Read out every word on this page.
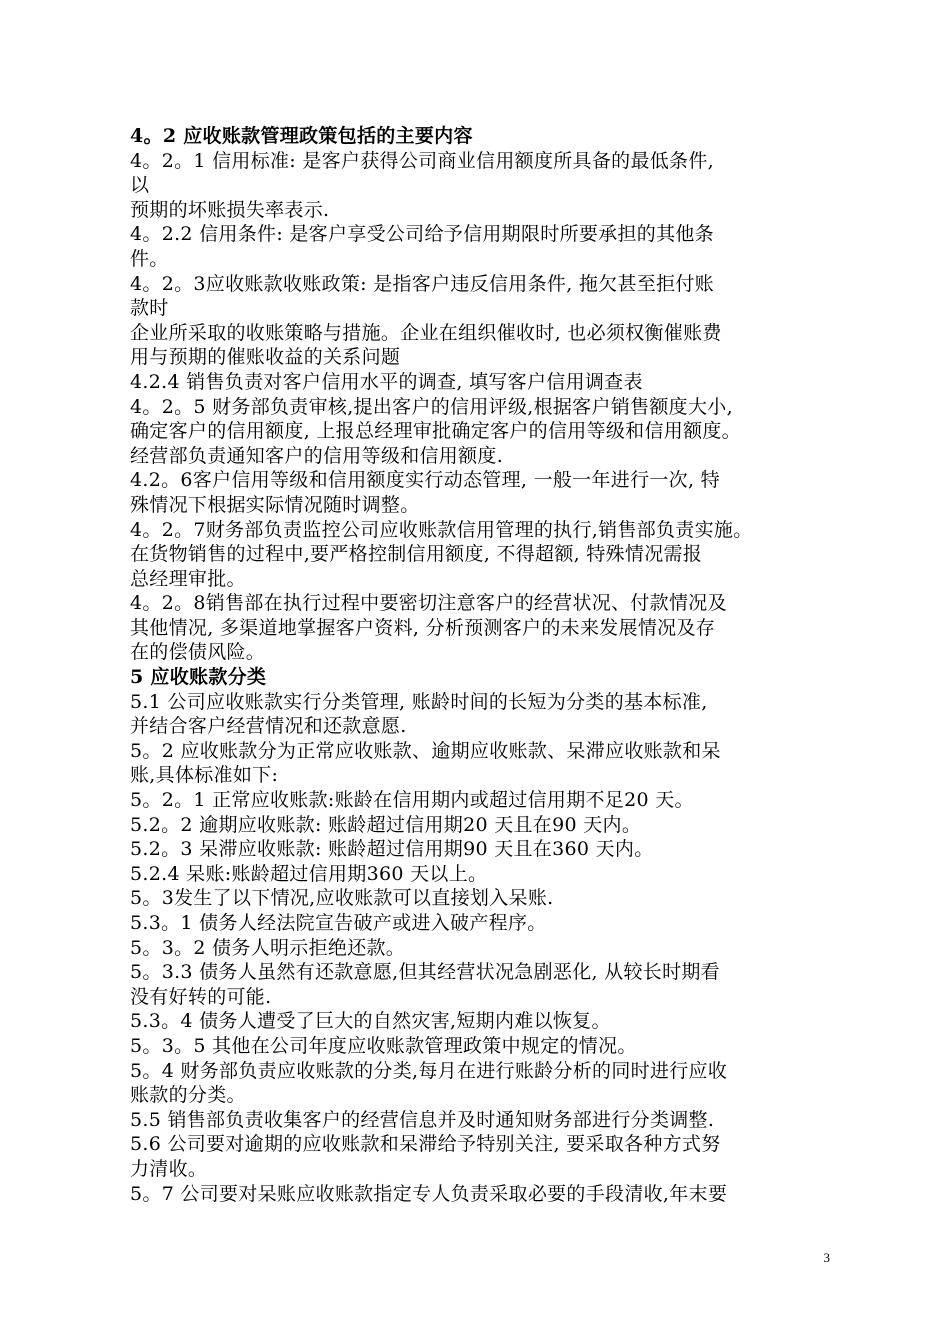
4。2 应收账款管理政策包括的主要内容
4。2。1 信用标准: 是客户获得公司商业信用额度所具备的最低条件,
以
预期的坏账损失率表示.
4。2.2 信用条件: 是客户享受公司给予信用期限时所要承担的其他条
件。
4。2。3应收账款收账政策: 是指客户违反信用条件, 拖欠甚至拒付账
款时
企业所采取的收账策略与措施。企业在组织催收时, 也必须权衡催账费
用与预期的催账收益的关系问题
4.2.4 销售负责对客户信用水平的调查, 填写客户信用调查表
4。2。5 财务部负责审核,提出客户的信用评级,根据客户销售额度大小,
确定客户的信用额度, 上报总经理审批确定客户的信用等级和信用额度。
经营部负责通知客户的信用等级和信用额度.
4.2。6客户信用等级和信用额度实行动态管理, 一般一年进行一次, 特
殊情况下根据实际情况随时调整。
4。2。7财务部负责监控公司应收账款信用管理的执行,销售部负责实施。
在货物销售的过程中,要严格控制信用额度, 不得超额, 特殊情况需报
总经理审批。
4。2。8销售部在执行过程中要密切注意客户的经营状况、付款情况及
其他情况, 多渠道地掌握客户资料, 分析预测客户的未来发展情况及存
在的偿债风险。
5 应收账款分类
5.1 公司应收账款实行分类管理, 账龄时间的长短为分类的基本标准,
并结合客户经营情况和还款意愿.
5。2 应收账款分为正常应收账款、逾期应收账款、呆滞应收账款和呆
账,具体标准如下:
5。2。1 正常应收账款:账龄在信用期内或超过信用期不足20 天。
5.2。2 逾期应收账款: 账龄超过信用期20 天且在90 天内。
5.2。3 呆滞应收账款: 账龄超过信用期90 天且在360 天内。
5.2.4 呆账:账龄超过信用期360 天以上。
5。3发生了以下情况,应收账款可以直接划入呆账.
5.3。1 债务人经法院宣告破产或进入破产程序。
5。3。2 债务人明示拒绝还款。
5。3.3 债务人虽然有还款意愿,但其经营状况急剧恶化, 从较长时期看
没有好转的可能.
5.3。4 债务人遭受了巨大的自然灾害,短期内难以恢复。
5。3。5 其他在公司年度应收账款管理政策中规定的情况。
5。4 财务部负责应收账款的分类,每月在进行账龄分析的同时进行应收
账款的分类。
5.5 销售部负责收集客户的经营信息并及时通知财务部进行分类调整.
5.6 公司要对逾期的应收账款和呆滞给予特别关注, 要采取各种方式努
力清收。
5。7 公司要对呆账应收账款指定专人负责采取必要的手段清收,年末要
3
